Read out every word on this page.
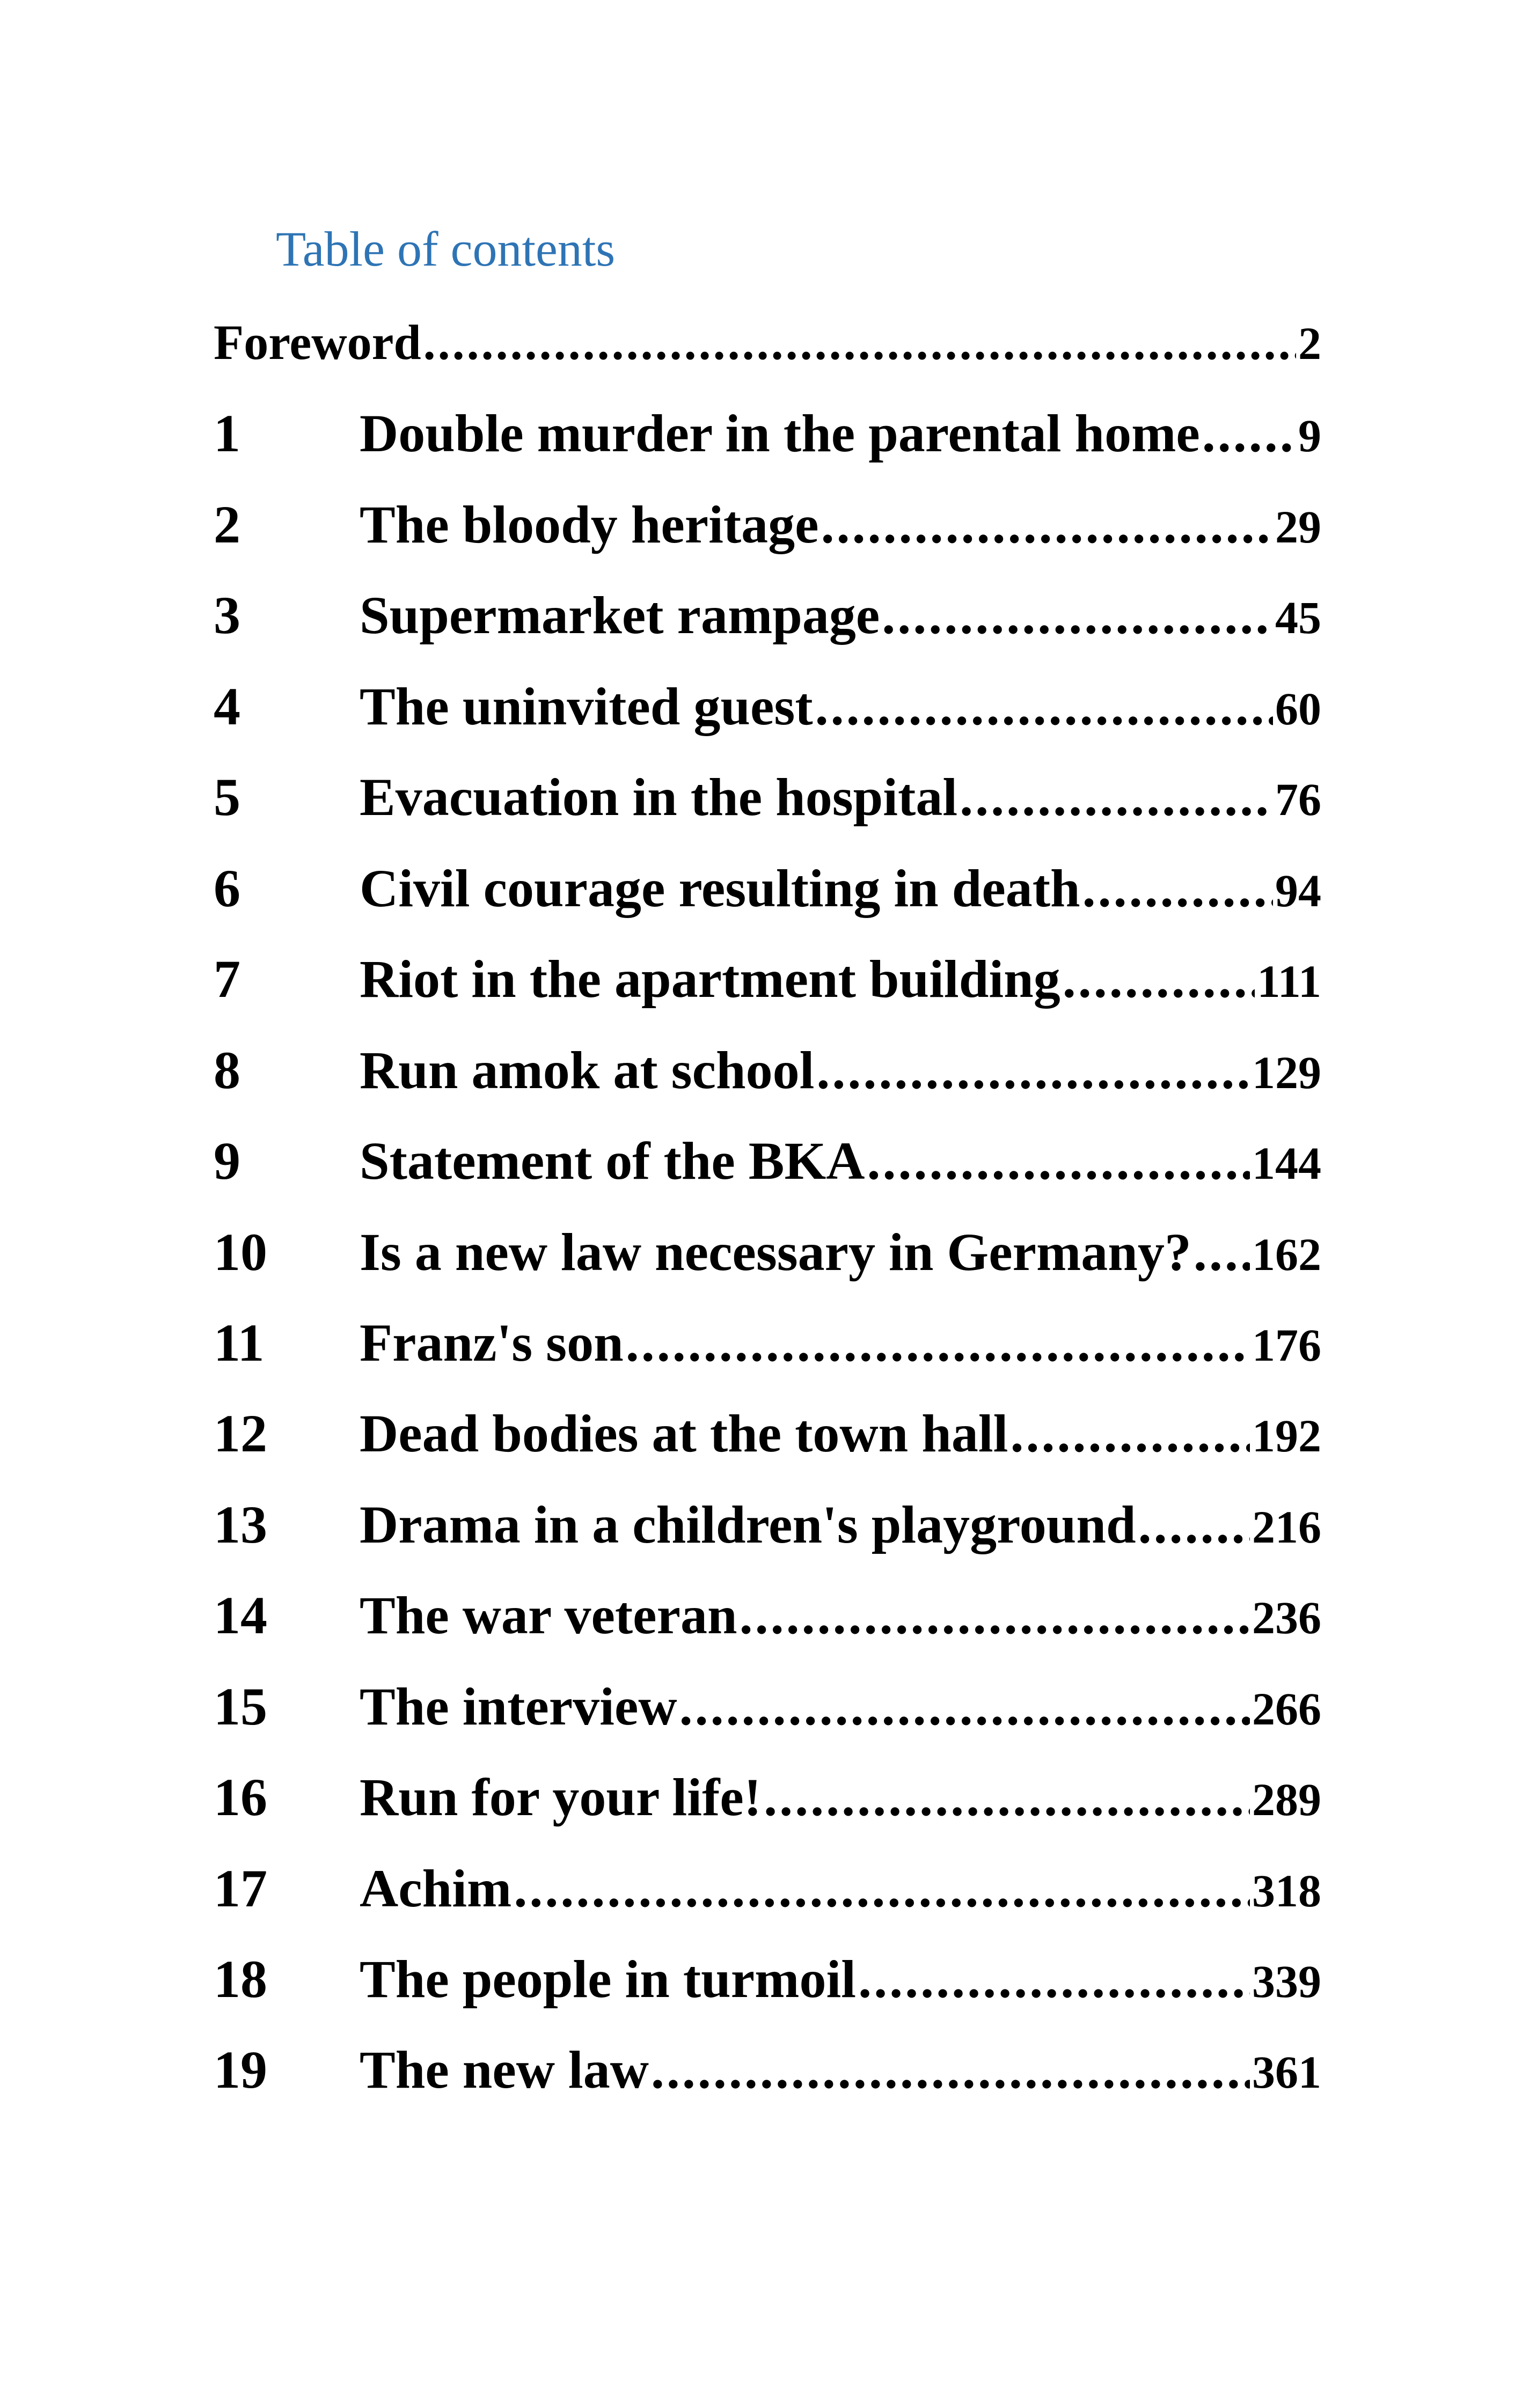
Table of contents
Foreword .....	2
1	Double murder in the parental home ..... 9
2	The bloody heritage .....	29
3	Supermarket rampage .....	45
4	The uninvited guest .....	60
5	Evacuation in the hospital .....	76
6	Civil courage resulting in death .....	94
7	Riot in the apartment building .....	111
8	Run amok at school .....	129
9	Statement of the BKA .....	144
10	Is a new law necessary in Germany? ..... 162
11	Franz's son .....	176
12	Dead bodies at the town hall .....	192
13	Drama in a children's playground .....	216
14	The war veteran .....	236
15	The interview .....	266
16	Run for your life! .....	289
17	Achim .....	318
18	The people in turmoil .....	339
19	The new law .....	361
